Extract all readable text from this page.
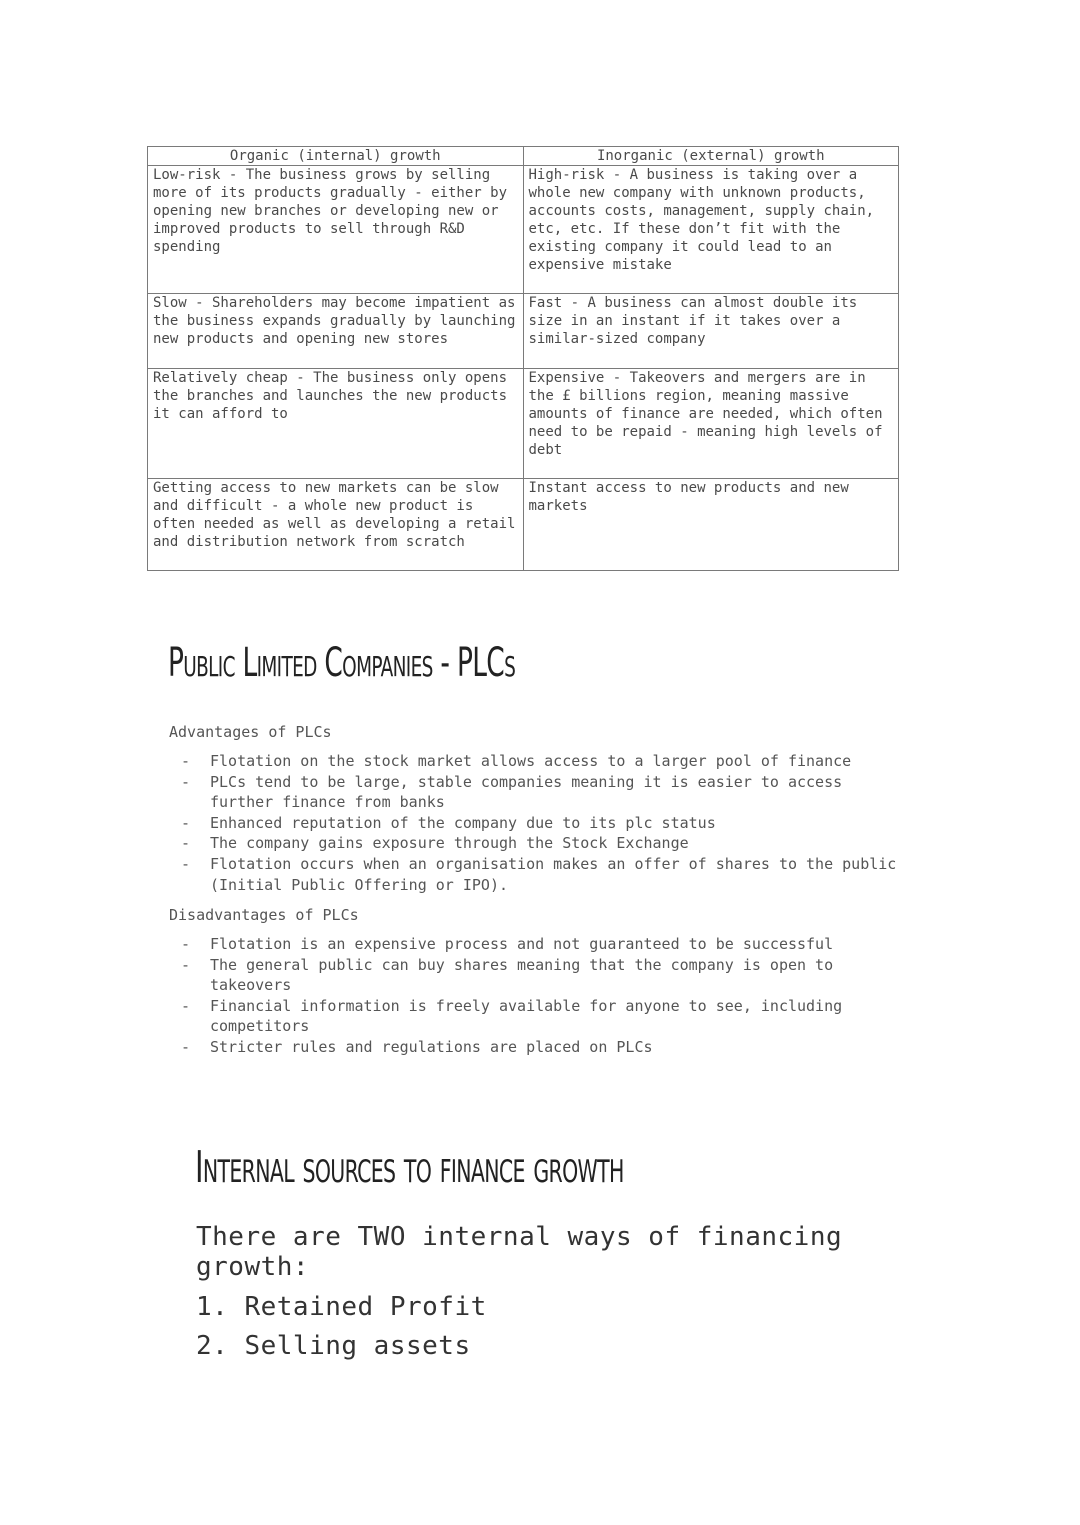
Organic (internal) growth	Inorganic (external) growth
Low-risk - The business grows by selling more of its products gradually - either by opening new branches or developing new or improved products to sell through R&D spending	High-risk - A business is taking over a whole new company with unknown products, accounts costs, management, supply chain, etc, etc. If these don’t fit with the existing company it could lead to an expensive mistake
Slow - Shareholders may become impatient as the business expands gradually by launching new products and opening new stores	Fast - A business can almost double its size in an instant if it takes over a similar-sized company
Relatively cheap - The business only opens the branches and launches the new products it can afford to	Expensive - Takeovers and mergers are in the £ billions region, meaning massive amounts of finance are needed, which often need to be repaid - meaning high levels of debt
Getting access to new markets can be slow and difficult - a whole new product is often needed as well as developing a retail and distribution network from scratch	Instant access to new products and new markets
Public Limited Companies - PLCs

Advantages of PLCs

- Flotation on the stock market allows access to a larger pool of finance
- PLCs tend to be large, stable companies meaning it is easier to access further finance from banks
- Enhanced reputation of the company due to its plc status
- The company gains exposure through the Stock Exchange
- Flotation occurs when an organisation makes an offer of shares to the public (Initial Public Offering or IPO).

Disadvantages of PLCs

- Flotation is an expensive process and not guaranteed to be successful
- The general public can buy shares meaning that the company is open to takeovers
- Financial information is freely available for anyone to see, including competitors
- Stricter rules and regulations are placed on PLCs
Internal sources to finance growth

There are TWO internal ways of financing growth:

1. Retained Profit

2. Selling assets
